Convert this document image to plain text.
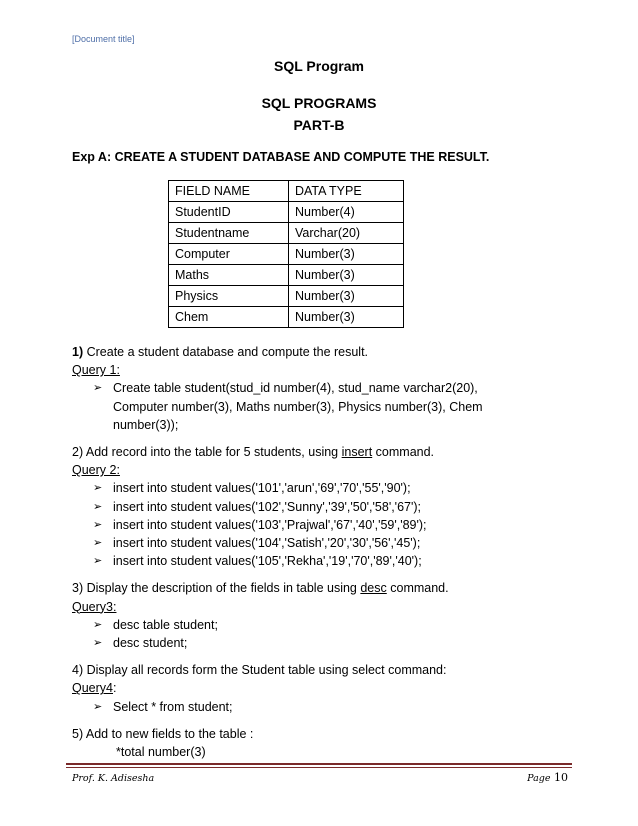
[Document title]
SQL Program
SQL PROGRAMS
PART-B
Exp A: CREATE A STUDENT DATABASE AND COMPUTE THE RESULT.
FIELD NAME	DATA TYPE
StudentID	Number(4)
Studentname	Varchar(20)
Computer	Number(3)
Maths	Number(3)
Physics	Number(3)
Chem	Number(3)

1) Create a student database and compute the result.

Query 1:

➢ Create table student(stud_id number(4), stud_name varchar2(20),
Computer number(3), Maths number(3), Physics number(3), Chem
number(3));

2) Add record into the table for 5 students, using insert command.

Query 2:

➢ insert into student values('101','arun','69','70','55','90');
➢ insert into student values('102','Sunny','39','50','58','67');
➢ insert into student values('103','Prajwal','67','40','59','89');
➢ insert into student values('104','Satish','20','30','56','45');
➢ insert into student values('105','Rekha','19','70','89','40');

3) Display the description of the fields in table using desc command.

Query3:

➢ desc table student;
➢ desc student;

4) Display all records form the Student table using select command:

Query4:

➢ Select * from student;

5) Add to new fields to the table :

*total number(3)

Prof. K. Adisesha	Page 10
